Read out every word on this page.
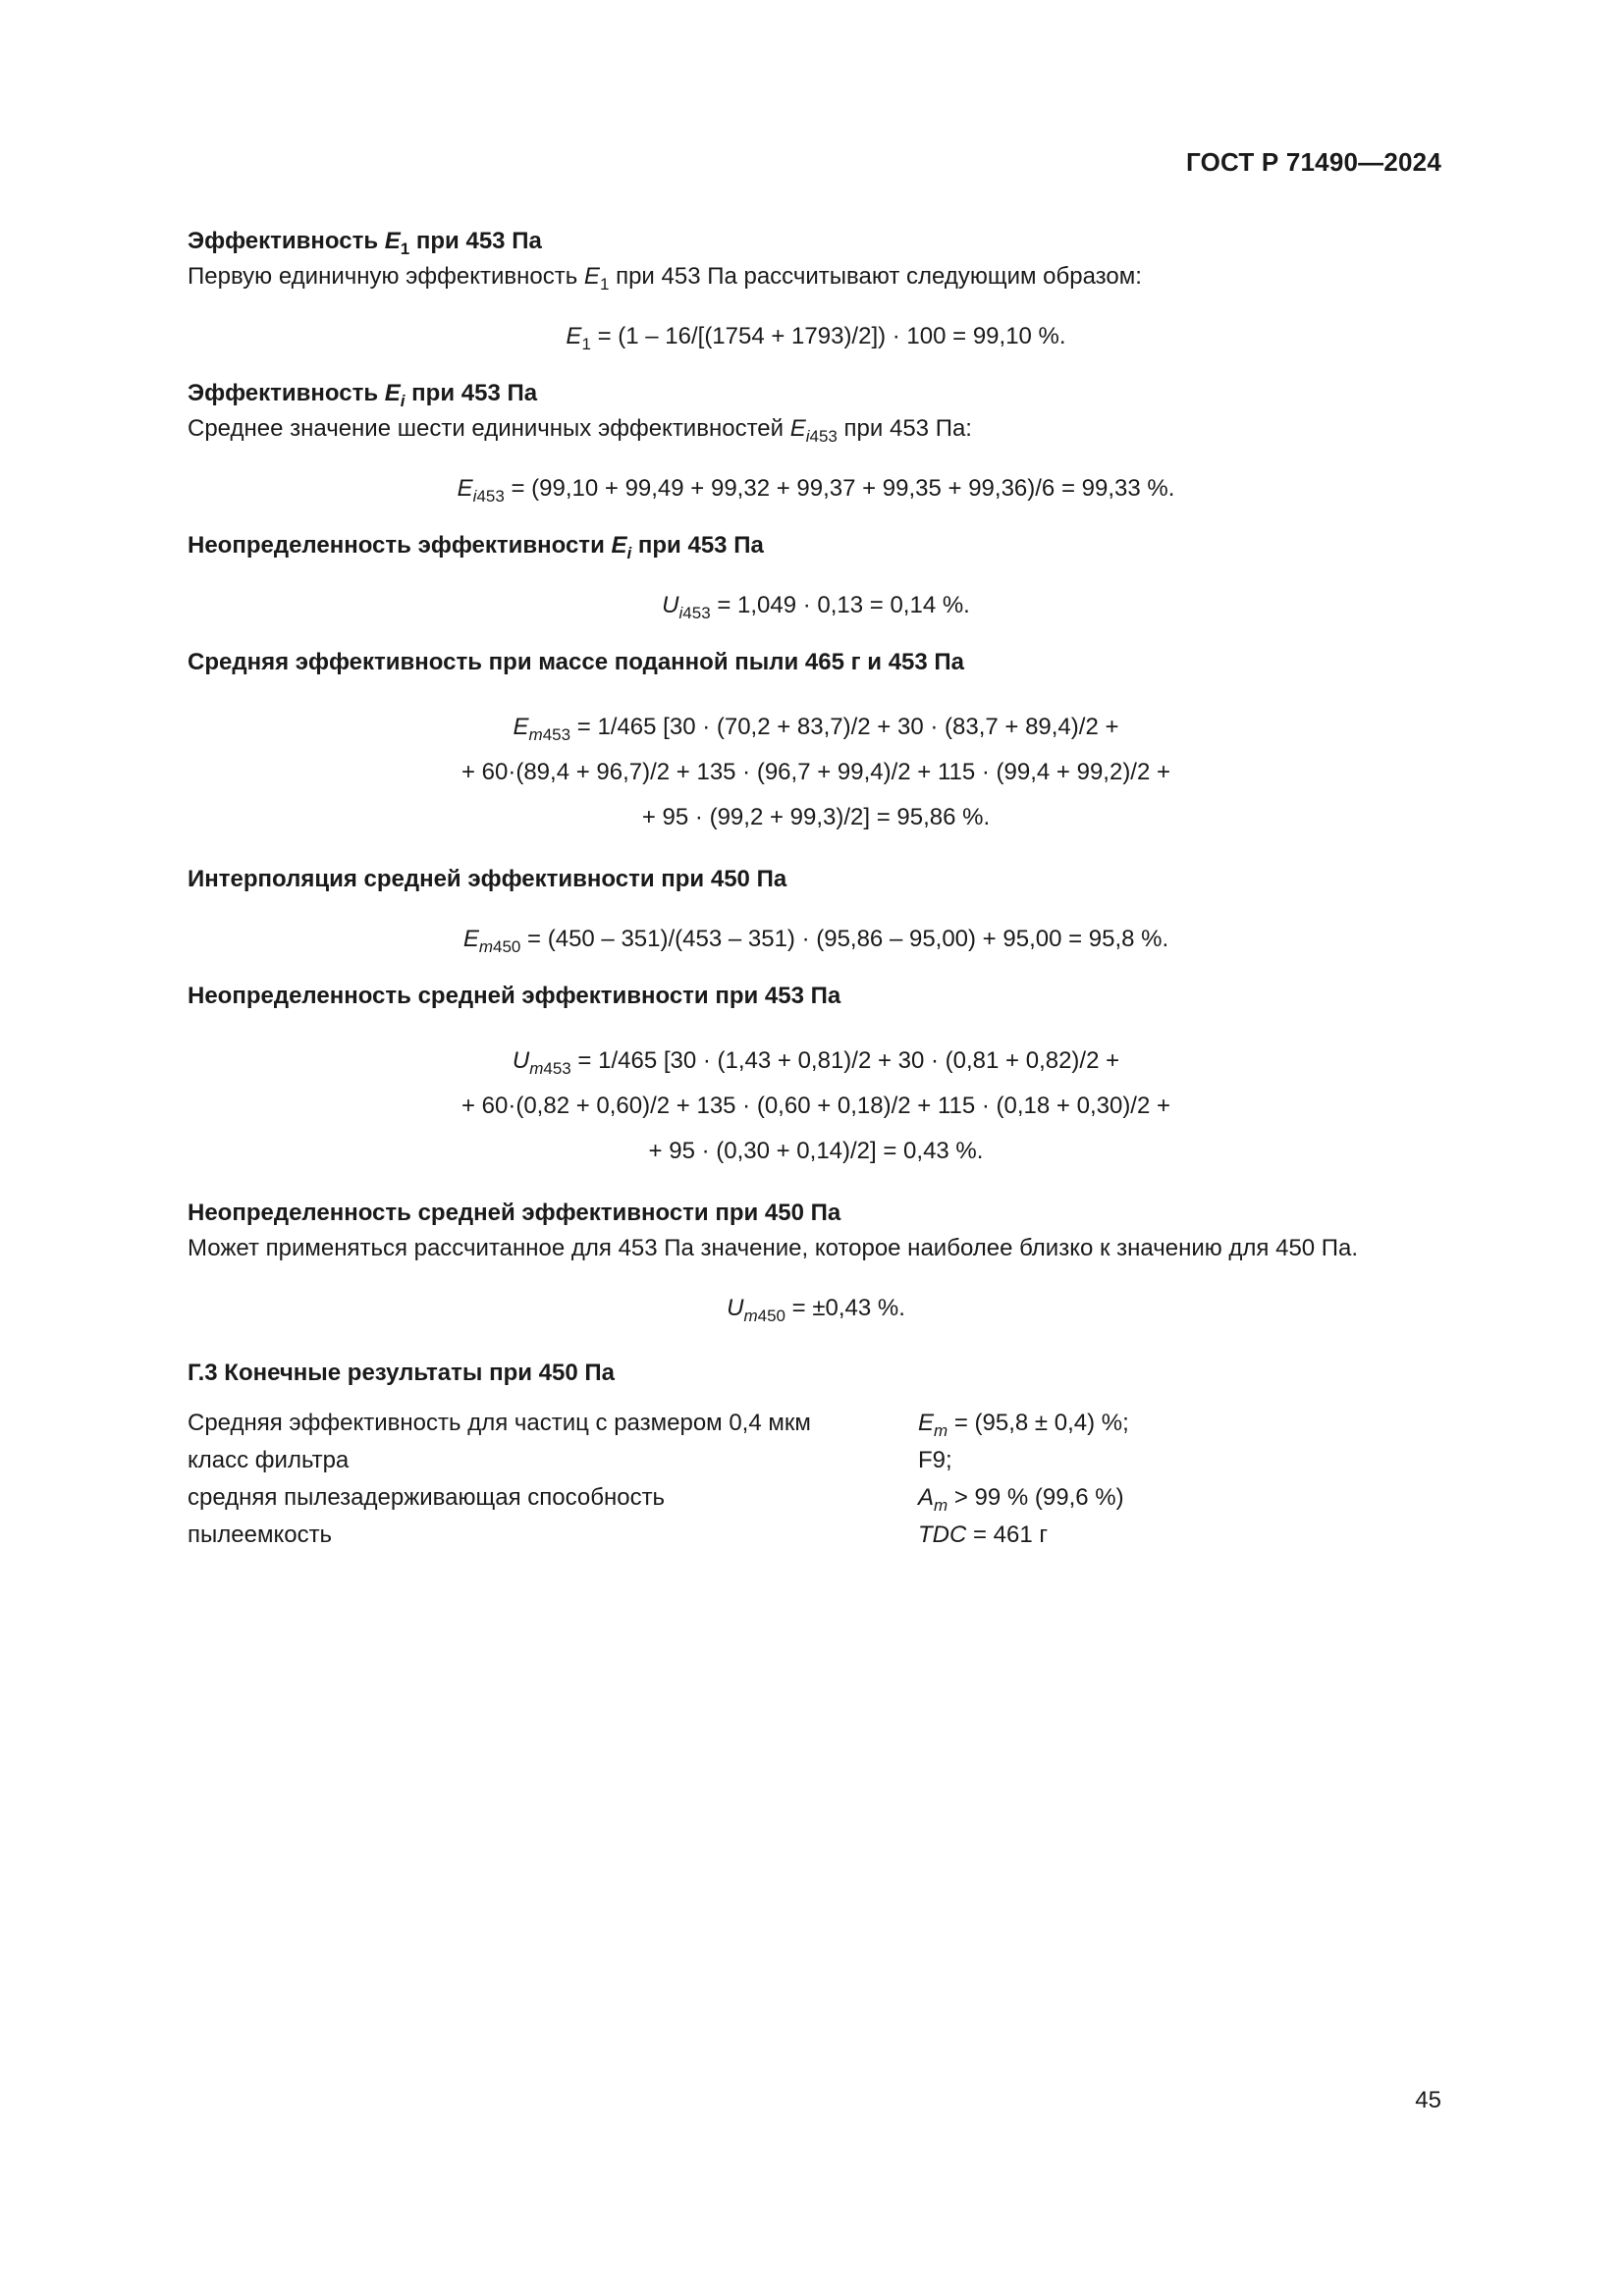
ГОСТ Р 71490—2024

Эффективность $E_1$ при 453 Па

Первую единичную эффективность $E_1$ при 453 Па рассчитывают следующим образом:

$E_1 = (1 - 16/[(1754 + 1793)/2]) \cdot 100 = 99,10$ %.

Эффективность $E_i$ при 453 Па

Среднее значение шести единичных эффективностей $E_{i453}$ при 453 Па:

$E_{i453} = (99,10 + 99,49 + 99,32 + 99,37 + 99,35 + 99,36)/6 = 99,33$ %.

Неопределенность эффективности $E_i$ при 453 Па

$U_{i453} = 1,049 \cdot 0,13 = 0,14$ %.

Средняя эффективность при массе поданной пыли 465 г и 453 Па

$E_{m453} = 1/465$ [30 · (70,2 + 83,7)/2 + 30 · (83,7 + 89,4)/2 +

+ 60·(89,4 + 96,7)/2 + 135 · (96,7 + 99,4)/2 + 115 · (99,4 + 99,2)/2 +

+ 95 · (99,2 + 99,3)/2] = 95,86 %.

Интерполяция средней эффективности при 450 Па

$E_{m450} = (450 - 351)/(453 - 351) \cdot (95,86 - 95,00) + 95,00 = 95,8$ %.

Неопределенность средней эффективности при 453 Па

$U_{m453} = 1/465$ [30 · (1,43 + 0,81)/2 + 30 · (0,81 + 0,82)/2 +

+ 60·(0,82 + 0,60)/2 + 135 · (0,60 + 0,18)/2 + 115 · (0,18 + 0,30)/2 +

+ 95 · (0,30 + 0,14)/2] = 0,43 %.

Неопределенность средней эффективности при 450 Па

Может применяться рассчитанное для 453 Па значение, которое наиболее близко к значению для 450 Па.

$U_{m450} = \pm 0,43$ %.

Г.3 Конечные результаты при 450 Па

Средняя эффективность для частиц с размером 0,4 мкм	$E_m = (95,8 \pm 0,4)$ %;
класс фильтра	F9;
средняя пылезадерживающая способность	$A_m > 99$ % (99,6 %)
пылеемкость	TDC = 461 г
45
